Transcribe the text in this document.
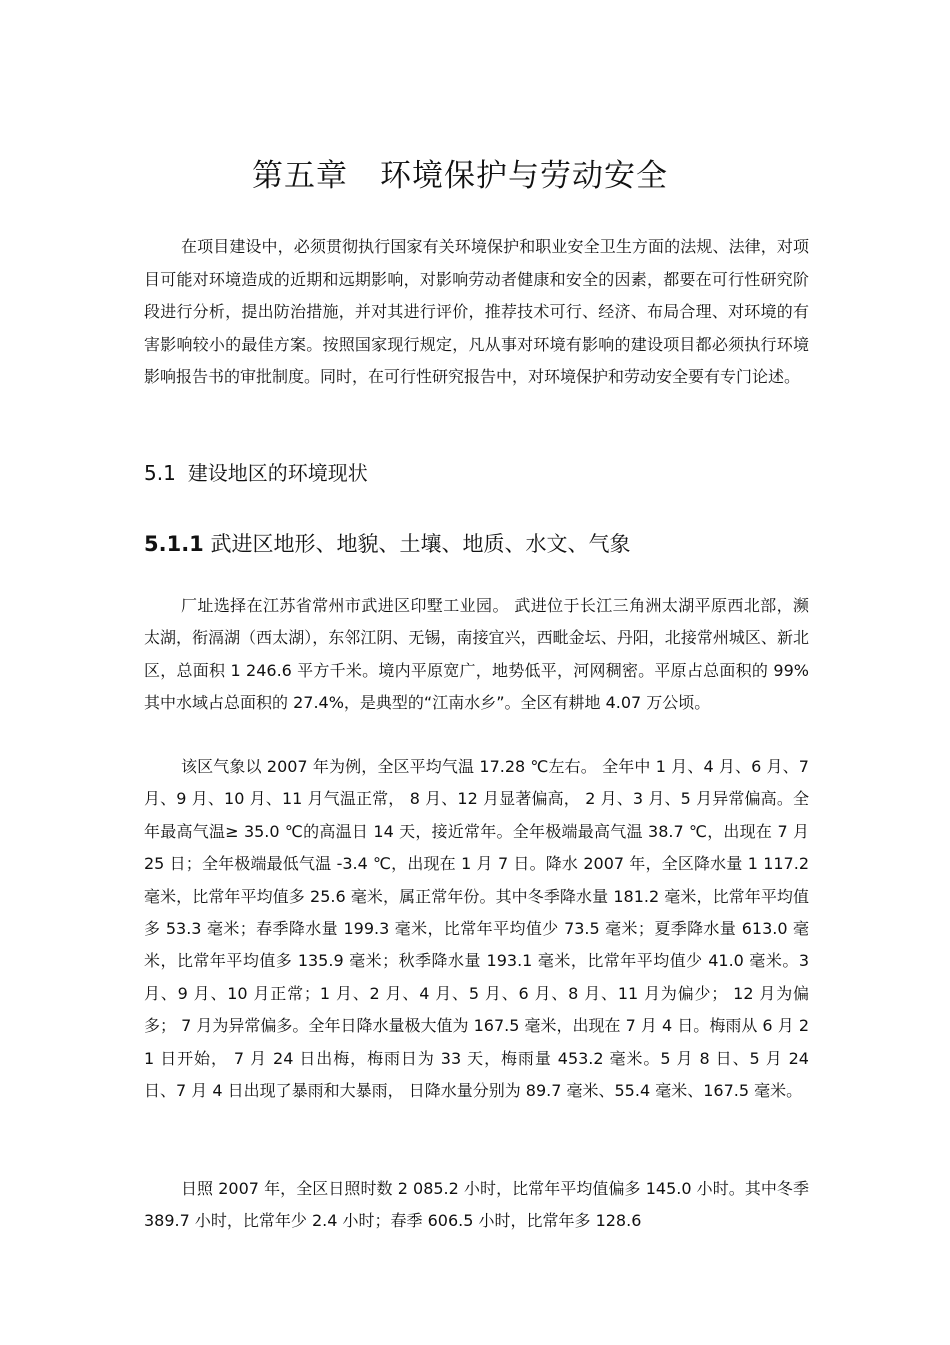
第五章　环境保护与劳动安全

在项目建设中，必须贯彻执行国家有关环境保护和职业安全卫生方面的法规、法律，对项目可能对环境造成的近期和远期影响，对影响劳动者健康和安全的因素，都要在可行性研究阶段进行分析，提出防治措施，并对其进行评价，推荐技术可行、经济、布局合理、对环境的有害影响较小的最佳方案。按照国家现行规定，凡从事对环境有影响的建设项目都必须执行环境影响报告书的审批制度。同时，在可行性研究报告中，对环境保护和劳动安全要有专门论述。

5.1 建设地区的环境现状
5.1.1 武进区地形、地貌、土壤、地质、水文、气象

厂址选择在江苏省常州市武进区印墅工业园。 武进位于长江三角洲太湖平原西北部，濒太湖，衔滆湖（西太湖），东邻江阴、无锡，南接宜兴，西毗金坛、丹阳，北接常州城区、新北区，总面积 1 246.6 平方千米。境内平原宽广，地势低平，河网稠密。平原占总面积的 99% 其中水域占总面积的 27.4%，是典型的“江南水乡”。全区有耕地 4.07 万公顷。

该区气象以 2007 年为例，全区平均气温 17.28 ℃左右。 全年中 1 月、4 月、6 月、7 月、9 月、10 月、11 月气温正常， 8 月、12 月显著偏高， 2 月、3 月、5 月异常偏高。全年最高气温≥ 35.0 ℃的高温日 14 天，接近常年。全年极端最高气温 38.7 ℃，出现在 7 月 25 日；全年极端最低气温 -3.4 ℃，出现在 1 月 7 日。降水 2007 年，全区降水量 1 117.2 毫米，比常年平均值多 25.6 毫米，属正常年份。其中冬季降水量 181.2 毫米，比常年平均值多 53.3 毫米；春季降水量 199.3 毫米，比常年平均值少 73.5 毫米；夏季降水量 613.0 毫米，比常年平均值多 135.9 毫米；秋季降水量 193.1 毫米，比常年平均值少 41.0 毫米。3 月、9 月、10 月正常；1 月、2 月、4 月、5 月、6 月、8 月、11 月为偏少； 12 月为偏多； 7 月为异常偏多。全年日降水量极大值为 167.5 毫米，出现在 7 月 4 日。梅雨从 6 月 21 日开始， 7 月 24 日出梅，梅雨日为 33 天，梅雨量 453.2 毫米。5 月 8 日、5 月 24 日、7 月 4 日出现了暴雨和大暴雨， 日降水量分别为 89.7 毫米、55.4 毫米、167.5 毫米。

日照 2007 年，全区日照时数 2 085.2 小时，比常年平均值偏多 145.0 小时。其中冬季 389.7 小时，比常年少 2.4 小时；春季 606.5 小时，比常年多 128.6
